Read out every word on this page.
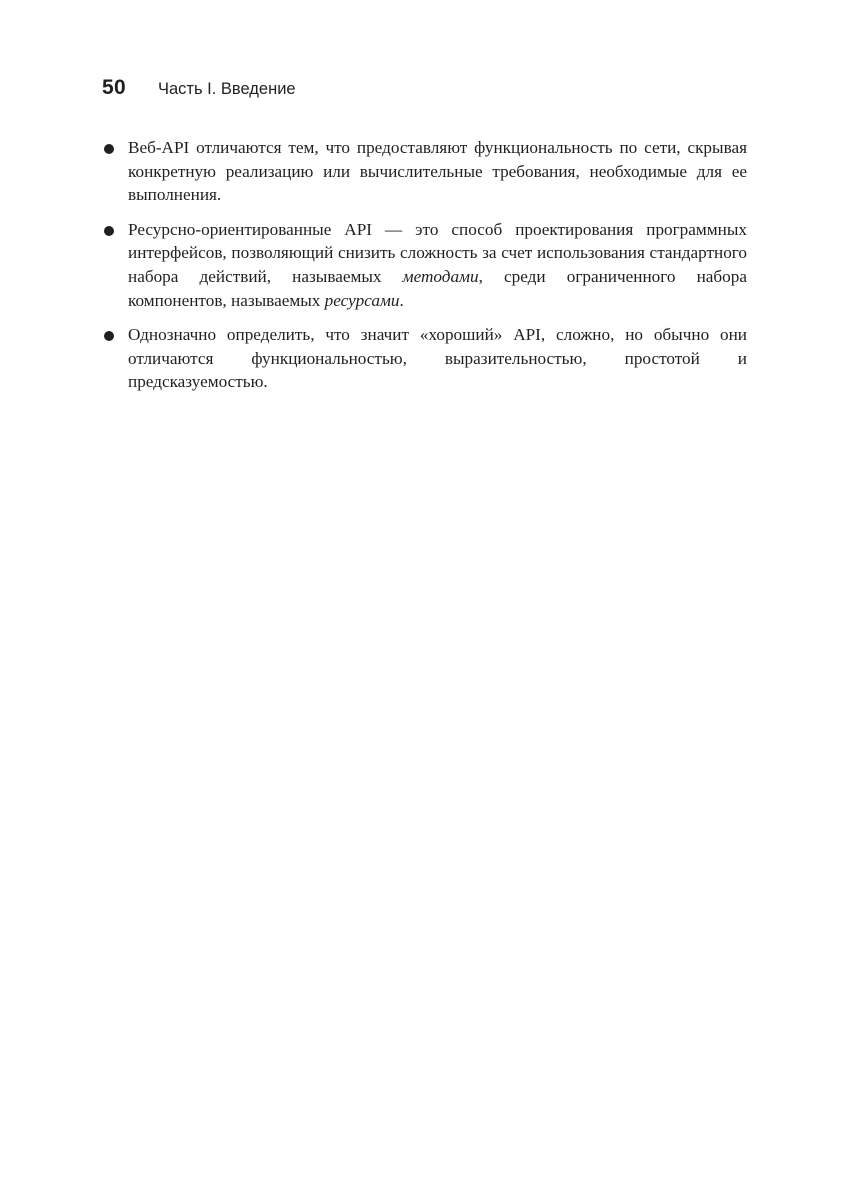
50 Часть I. Введение
Веб-API отличаются тем, что предоставляют функциональность по сети, скрывая конкретную реализацию или вычислительные требования, необходимые для ее выполнения.
Ресурсно-ориентированные API — это способ проектирования программных интерфейсов, позволяющий снизить сложность за счет использования стандартного набора действий, называемых методами, среди ограниченного набора компонентов, называемых ресурсами.
Однозначно определить, что значит «хороший» API, сложно, но обычно они отличаются функциональностью, выразительностью, простотой и предсказуемостью.
